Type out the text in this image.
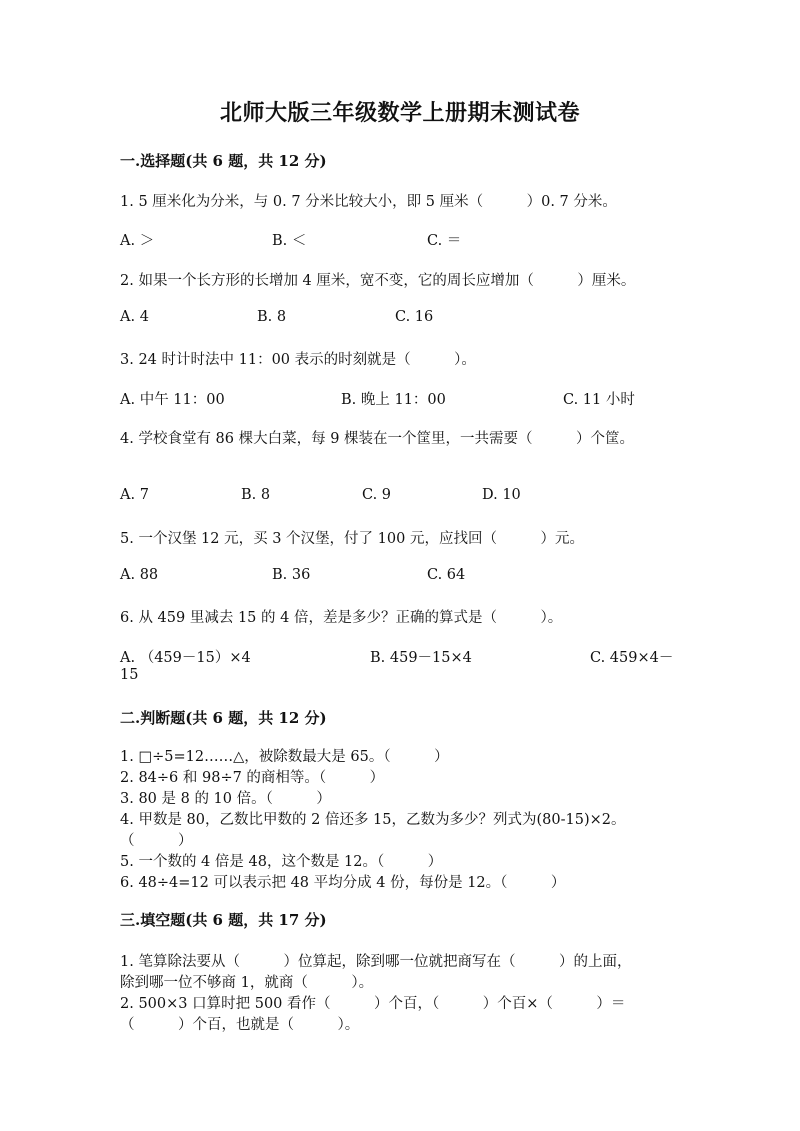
北师大版三年级数学上册期末测试卷
一.选择题(共 6 题，共 12 分)
1. 5 厘米化为分米，与 0. 7 分米比较大小，即 5 厘米（　　　）0. 7 分米。
A. ＞	B. ＜	C. ＝
2. 如果一个长方形的长增加 4 厘米，宽不变，它的周长应增加（　　　）厘米。
A. 4	B. 8	C. 16
3. 24 时计时法中 11：00 表示的时刻就是（　　　）。
A. 中午 11：00	B. 晚上 11：00	C. 11 小时
4. 学校食堂有 86 棵大白菜，每 9 棵装在一个筐里，一共需要（　　　）个筐。
A. 7	B. 8	C. 9	D. 10
5. 一个汉堡 12 元，买 3 个汉堡，付了 100 元，应找回（　　　）元。
A. 88	B. 36	C. 64
6. 从 459 里减去 15 的 4 倍，差是多少？正确的算式是（　　　）。
A. （459－15）×4	B. 459－15×4	C. 459×4－
15
二.判断题(共 6 题，共 12 分)
1. □÷5=12……△，被除数最大是 65。（　　　）
2. 84÷6 和 98÷7 的商相等。（　　　）
3. 80 是 8 的 10 倍。（　　　）
4. 甲数是 80，乙数比甲数的 2 倍还多 15，乙数为多少？列式为(80-15)×2。
（　　　）
5. 一个数的 4 倍是 48，这个数是 12。（　　　）
6. 48÷4=12 可以表示把 48 平均分成 4 份，每份是 12。（　　　）
三.填空题(共 6 题，共 17 分)
1. 笔算除法要从（　　　）位算起，除到哪一位就把商写在（　　　）的上面，
除到哪一位不够商 1，就商（　　　）。
2. 500×3 口算时把 500 看作（　　　）个百，（　　　）个百×（　　　）＝
（　　　）个百，也就是（　　　）。
